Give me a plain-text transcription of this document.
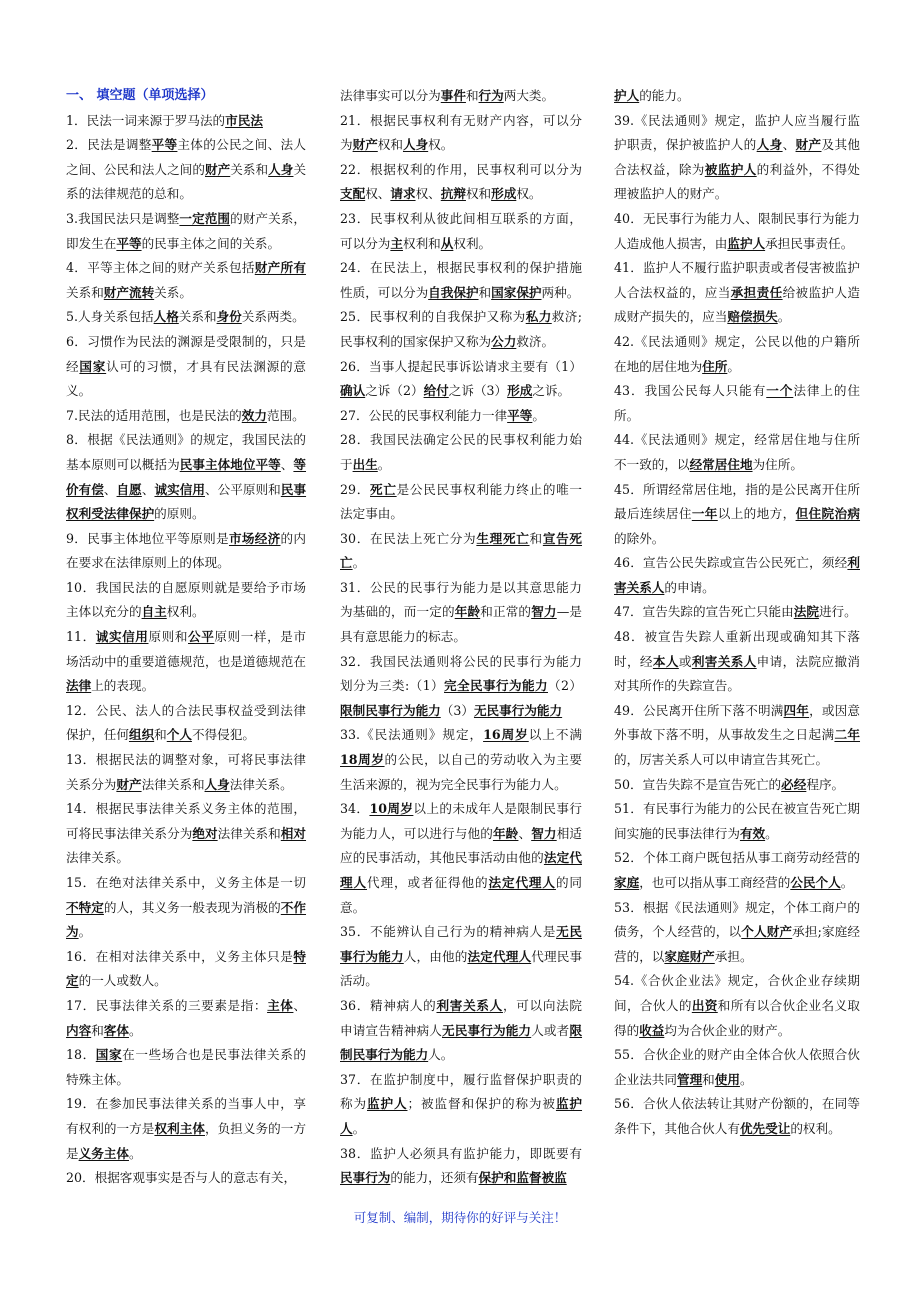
一、 填空题（单项选择）

1．民法一词来源于罗马法的市民法

2．民法是调整平等主体的公民之间、法人之间、公民和法人之间的财产关系和人身关系的法律规范的总和。

3.我国民法只是调整一定范围的财产关系，即发生在平等的民事主体之间的关系。

4．平等主体之间的财产关系包括财产所有关系和财产流转关系。

5.人身关系包括人格关系和身份关系两类。

6．习惯作为民法的渊源是受限制的，只是经国家认可的习惯，才具有民法渊源的意义。

7.民法的适用范围，也是民法的效力范围。

8．根据《民法通则》的规定，我国民法的基本原则可以概括为民事主体地位平等、等价有偿、自愿、诚实信用、公平原则和民事权利受法律保护的原则。

9．民事主体地位平等原则是市场经济的内在要求在法律原则上的体现。

10．我国民法的自愿原则就是要给予市场主体以充分的自主权利。

11．诚实信用原则和公平原则一样，是市场活动中的重要道德规范，也是道德规范在法律上的表现。

12．公民、法人的合法民事权益受到法律保护，任何组织和个人不得侵犯。

13．根据民法的调整对象，可将民事法律关系分为财产法律关系和人身法律关系。

14．根据民事法律关系义务主体的范围，可将民事法律关系分为绝对法律关系和相对法律关系。

15．在绝对法律关系中，义务主体是一切不特定的人，其义务一般表现为消极的不作为。

16．在相对法律关系中，义务主体只是特定的一人或数人。

17．民事法律关系的三要素是指：主体、内容和客体。

18．国家在一些场合也是民事法律关系的特殊主体。

19．在参加民事法律关系的当事人中，享有权利的一方是权利主体，负担义务的一方是义务主体。

20．根据客观事实是否与人的意志有关，

法律事实可以分为事件和行为两大类。

21．根据民事权利有无财产内容，可以分为财产权和人身权。

22．根据权利的作用，民事权利可以分为支配权、请求权、抗辩权和形成权。

23．民事权利从彼此间相互联系的方面，可以分为主权利和从权利。

24．在民法上，根据民事权利的保护措施性质，可以分为自我保护和国家保护两种。

25．民事权利的自我保护又称为私力救济;民事权利的国家保护又称为公力救济。

26．当事人提起民事诉讼请求主要有（1）确认之诉（2）给付之诉（3）形成之诉。

27．公民的民事权利能力一律平等。

28．我国民法确定公民的民事权利能力始于出生。

29．死亡是公民民事权利能力终止的唯一法定事由。

30．在民法上死亡分为生理死亡和宣告死亡。

31．公民的民事行为能力是以其意思能力为基础的，而一定的年龄和正常的智力—是具有意思能力的标志。

32．我国民法通则将公民的民事行为能力划分为三类:（1）完全民事行为能力（2）限制民事行为能力（3）无民事行为能力

33.《民法通则》规定，16周岁以上不满18周岁的公民，以自己的劳动收入为主要生活来源的，视为完全民事行为能力人。

34．10周岁以上的未成年人是限制民事行为能力人，可以进行与他的年龄、智力相适应的民事活动，其他民事活动由他的法定代理人代理，或者征得他的法定代理人的同意。

35．不能辨认自己行为的精神病人是无民事行为能力人，由他的法定代理人代理民事活动。

36．精神病人的利害关系人，可以向法院申请宣告精神病人无民事行为能力人或者限制民事行为能力人。

37．在监护制度中，履行监督保护职责的称为监护人；被监督和保护的称为被监护人。

38．监护人必须具有监护能力，即既要有民事行为的能力，还须有保护和监督被监

护人的能力。

39.《民法通则》规定，监护人应当履行监护职责，保护被监护人的人身、财产及其他合法权益，除为被监护人的利益外，不得处理被监护人的财产。

40．无民事行为能力人、限制民事行为能力人造成他人损害，由监护人承担民事责任。

41．监护人不履行监护职责或者侵害被监护人合法权益的，应当承担责任给被监护人造成财产损失的，应当赔偿损失。

42.《民法通则》规定，公民以他的户籍所在地的居住地为住所。

43．我国公民每人只能有一个法律上的住所。

44.《民法通则》规定，经常居住地与住所不一致的，以经常居住地为住所。

45．所谓经常居住地，指的是公民离开住所最后连续居住一年以上的地方，但住院治病的除外。

46．宣告公民失踪或宣告公民死亡，须经利害关系人的申请。

47．宣告失踪的宣告死亡只能由法院进行。

48．被宣告失踪人重新出现或确知其下落时，经本人或利害关系人申请，法院应撤消对其所作的失踪宣告。

49．公民离开住所下落不明满四年，或因意外事故下落不明，从事故发生之日起满二年的，厉害关系人可以申请宣告其死亡。

50．宣告失踪不是宣告死亡的必经程序。

51．有民事行为能力的公民在被宣告死亡期间实施的民事法律行为有效。

52．个体工商户既包括从事工商劳动经营的家庭，也可以指从事工商经营的公民个人。

53．根据《民法通则》规定，个体工商户的债务，个人经营的，以个人财产承担;家庭经营的，以家庭财产承担。

54.《合伙企业法》规定，合伙企业存续期间，合伙人的出资和所有以合伙企业名义取得的收益均为合伙企业的财产。

55．合伙企业的财产由全体合伙人依照合伙企业法共同管理和使用。

56．合伙人依法转让其财产份额的，在同等条件下，其他合伙人有优先受让的权利。

可复制、编制，期待你的好评与关注！
